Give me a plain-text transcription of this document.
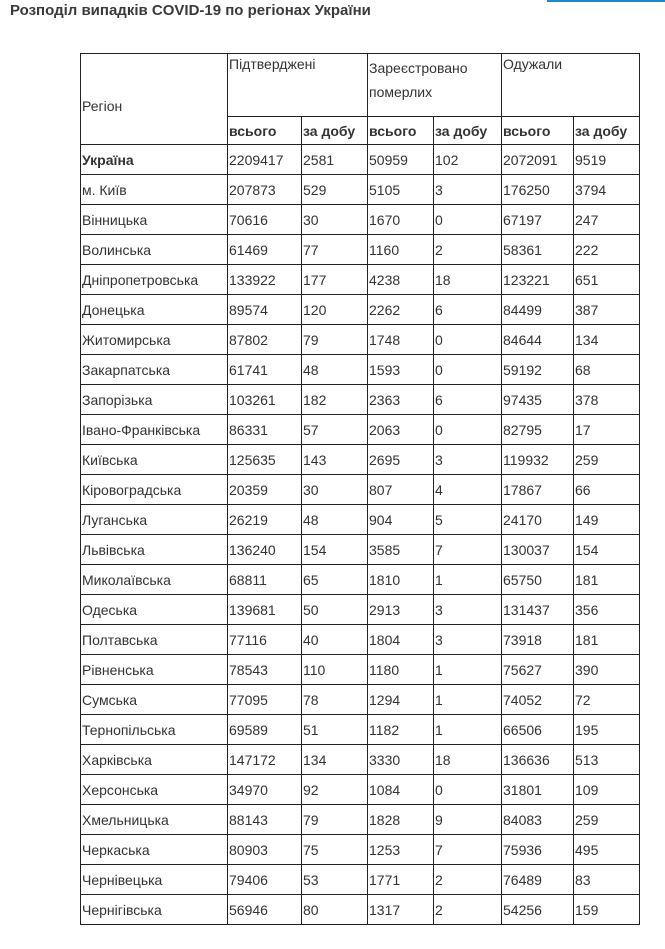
Розподіл випадків COVID-19 по регіонах України
Регіон	Підтверджені		Зареєстровано померлих		Одужали	
	всього	за добу	всього	за добу	всього	за добу
Україна	2209417	2581	50959	102	2072091	9519
м. Київ	207873	529	5105	3	176250	3794
Вінницька	70616	30	1670	0	67197	247
Волинська	61469	77	1160	2	58361	222
Дніпропетровська	133922	177	4238	18	123221	651
Донецька	89574	120	2262	6	84499	387
Житомирська	87802	79	1748	0	84644	134
Закарпатська	61741	48	1593	0	59192	68
Запорізька	103261	182	2363	6	97435	378
Івано-Франківська	86331	57	2063	0	82795	17
Київська	125635	143	2695	3	119932	259
Кіровоградська	20359	30	807	4	17867	66
Луганська	26219	48	904	5	24170	149
Львівська	136240	154	3585	7	130037	154
Миколаївська	68811	65	1810	1	65750	181
Одеська	139681	50	2913	3	131437	356
Полтавська	77116	40	1804	3	73918	181
Рівненська	78543	110	1180	1	75627	390
Сумська	77095	78	1294	1	74052	72
Тернопільська	69589	51	1182	1	66506	195
Харківська	147172	134	3330	18	136636	513
Херсонська	34970	92	1084	0	31801	109
Хмельницька	88143	79	1828	9	84083	259
Черкаська	80903	75	1253	7	75936	495
Чернівецька	79406	53	1771	2	76489	83
Чернігівська	56946	80	1317	2	54256	159
